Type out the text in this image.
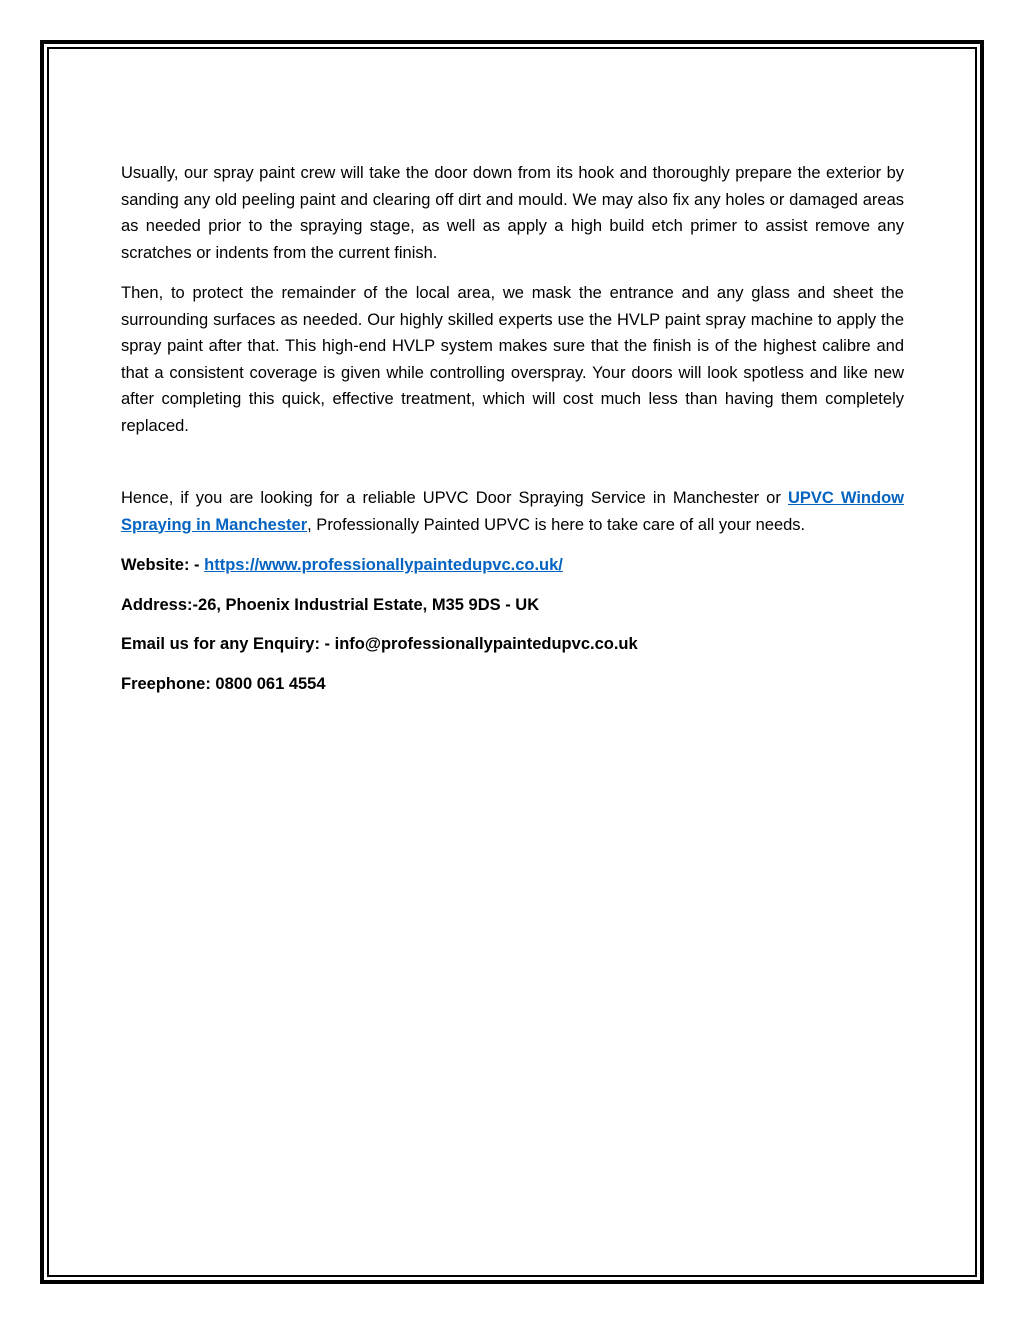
Usually, our spray paint crew will take the door down from its hook and thoroughly prepare the exterior by sanding any old peeling paint and clearing off dirt and mould. We may also fix any holes or damaged areas as needed prior to the spraying stage, as well as apply a high build etch primer to assist remove any scratches or indents from the current finish.

Then, to protect the remainder of the local area, we mask the entrance and any glass and sheet the surrounding surfaces as needed. Our highly skilled experts use the HVLP paint spray machine to apply the spray paint after that. This high-end HVLP system makes sure that the finish is of the highest calibre and that a consistent coverage is given while controlling overspray. Your doors will look spotless and like new after completing this quick, effective treatment, which will cost much less than having them completely replaced.

Hence, if you are looking for a reliable UPVC Door Spraying Service in Manchester or UPVC Window Spraying in Manchester, Professionally Painted UPVC is here to take care of all your needs.

Website: - https://www.professionallypaintedupvc.co.uk/

Address:-26, Phoenix Industrial Estate, M35 9DS - UK

Email us for any Enquiry: - info@professionallypaintedupvc.co.uk

Freephone: 0800 061 4554
